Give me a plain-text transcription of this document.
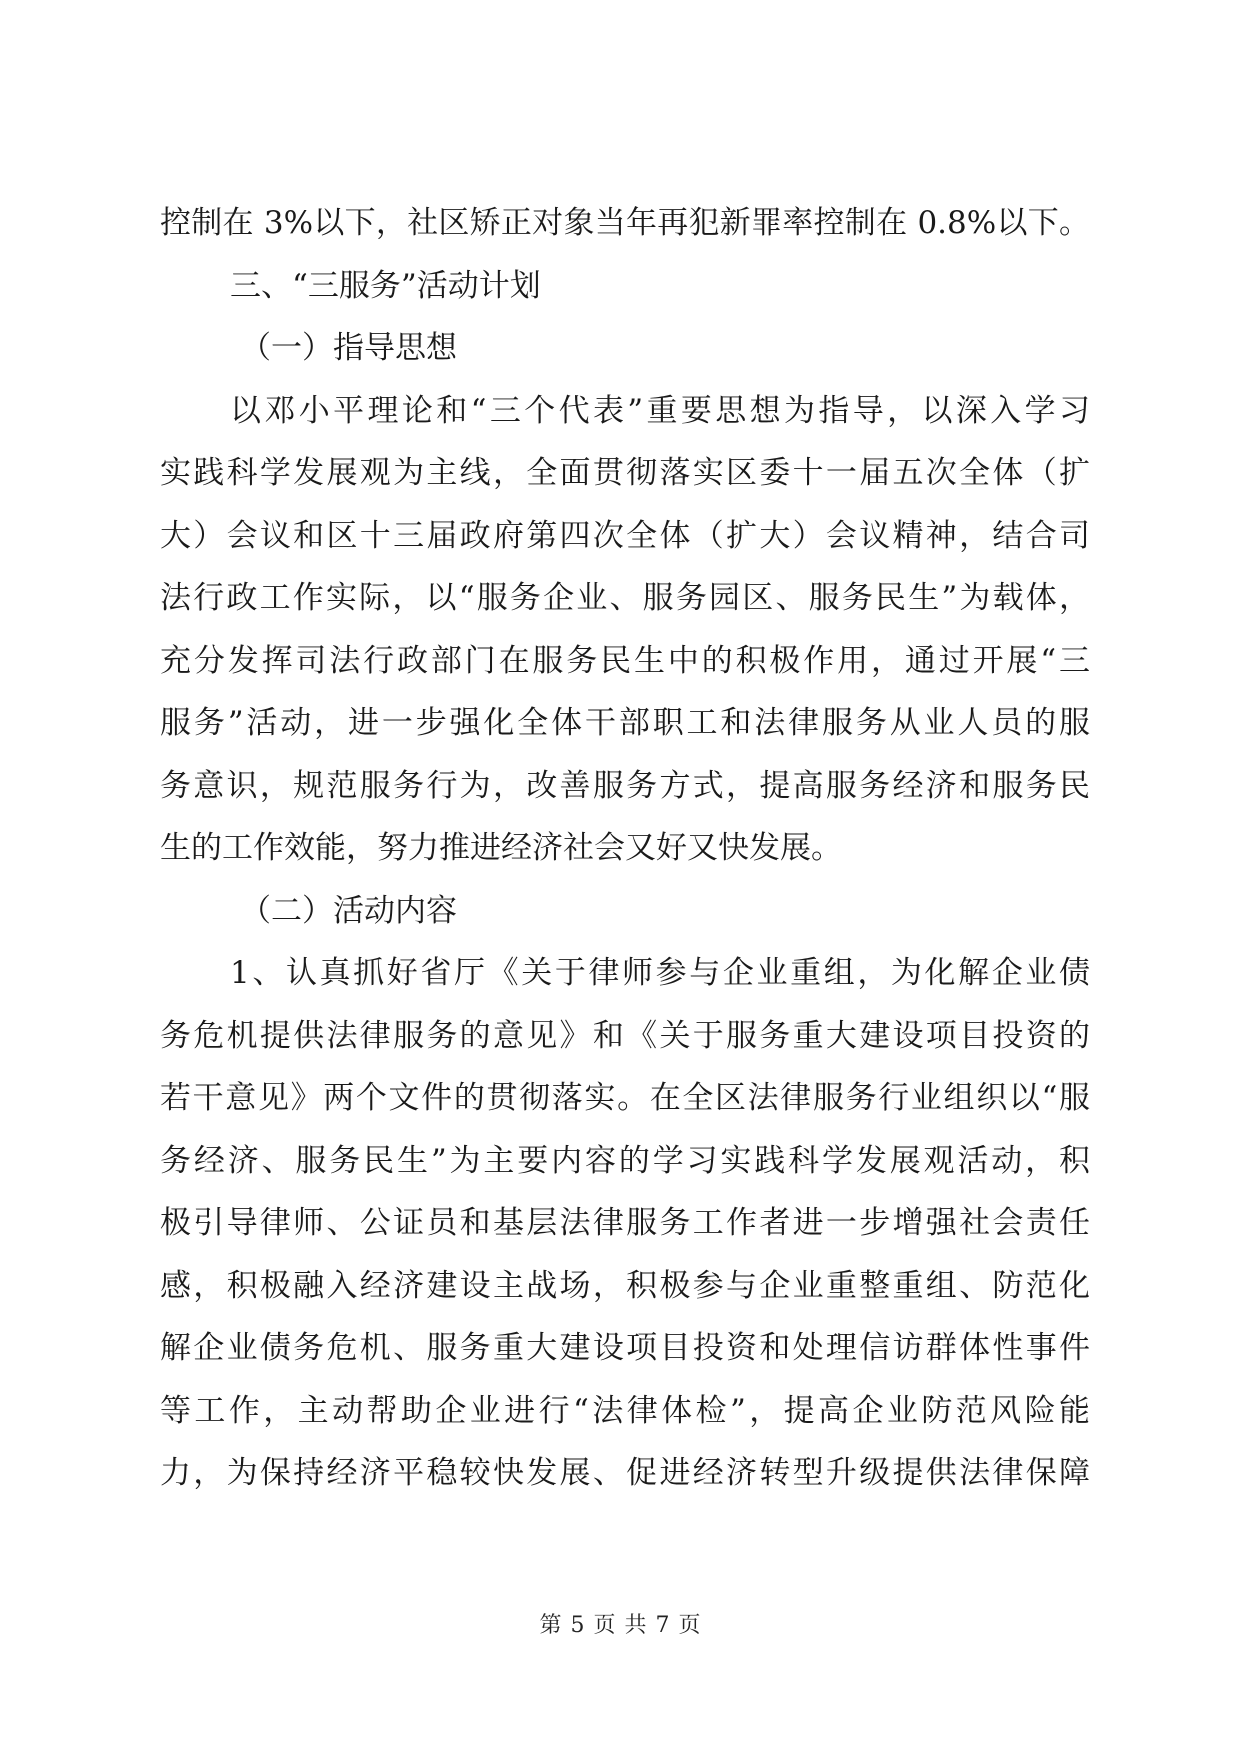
控制在 3%以下，社区矫正对象当年再犯新罪率控制在 0.8%以下。
三、“三服务”活动计划
（一）指导思想
以邓小平理论和“三个代表”重要思想为指导，以深入学习
实践科学发展观为主线，全面贯彻落实区委十一届五次全体（扩
大）会议和区十三届政府第四次全体（扩大）会议精神，结合司
法行政工作实际，以“服务企业、服务园区、服务民生”为载体，
充分发挥司法行政部门在服务民生中的积极作用，通过开展“三
服务”活动，进一步强化全体干部职工和法律服务从业人员的服
务意识，规范服务行为，改善服务方式，提高服务经济和服务民
生的工作效能，努力推进经济社会又好又快发展。
（二）活动内容
1、认真抓好省厅《关于律师参与企业重组，为化解企业债
务危机提供法律服务的意见》和《关于服务重大建设项目投资的
若干意见》两个文件的贯彻落实。在全区法律服务行业组织以“服
务经济、服务民生”为主要内容的学习实践科学发展观活动，积
极引导律师、公证员和基层法律服务工作者进一步增强社会责任
感，积极融入经济建设主战场，积极参与企业重整重组、防范化
解企业债务危机、服务重大建设项目投资和处理信访群体性事件
等工作，主动帮助企业进行“法律体检”，提高企业防范风险能
力，为保持经济平稳较快发展、促进经济转型升级提供法律保障
第 5 页 共 7 页
